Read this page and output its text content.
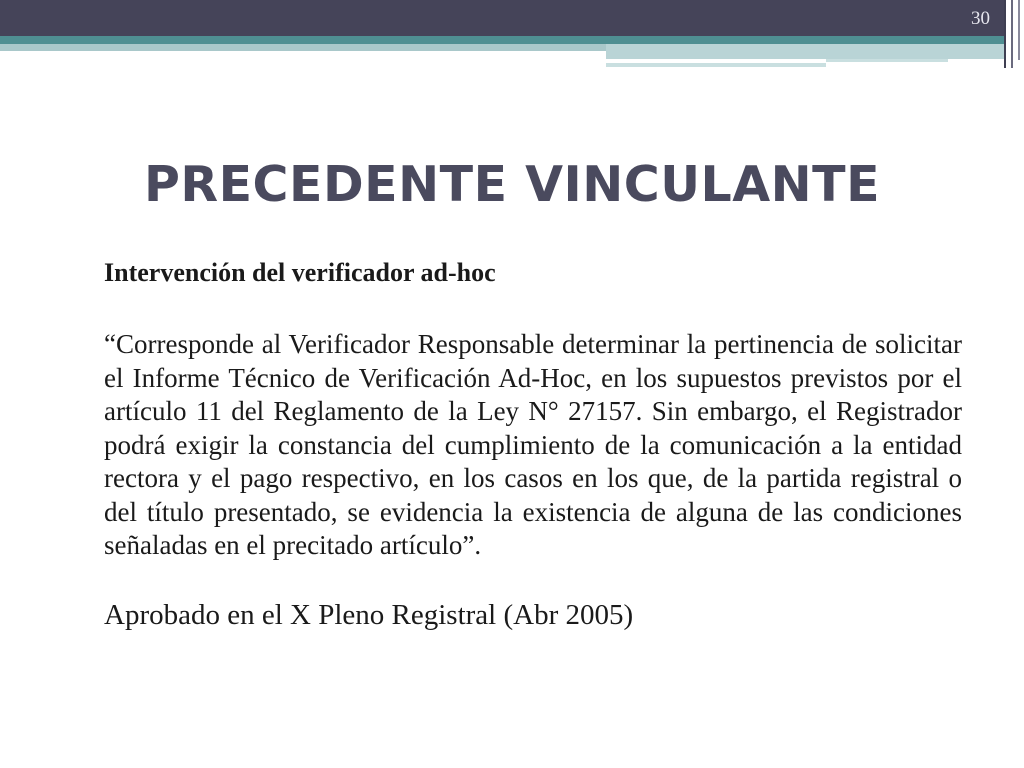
30
PRECEDENTE VINCULANTE

Intervención del verificador ad-hoc

“Corresponde al Verificador Responsable determinar la pertinencia de solicitar el Informe Técnico de Verificación Ad-Hoc, en los supuestos previstos por el artículo 11 del Reglamento de la Ley N° 27157. Sin embargo, el Registrador podrá exigir la constancia del cumplimiento de la comunicación a la entidad rectora y el pago respectivo, en los casos en los que, de la partida registral o del título presentado, se evidencia la existencia de alguna de las condiciones señaladas en el precitado artículo”.

Aprobado en el X Pleno Registral (Abr 2005)
